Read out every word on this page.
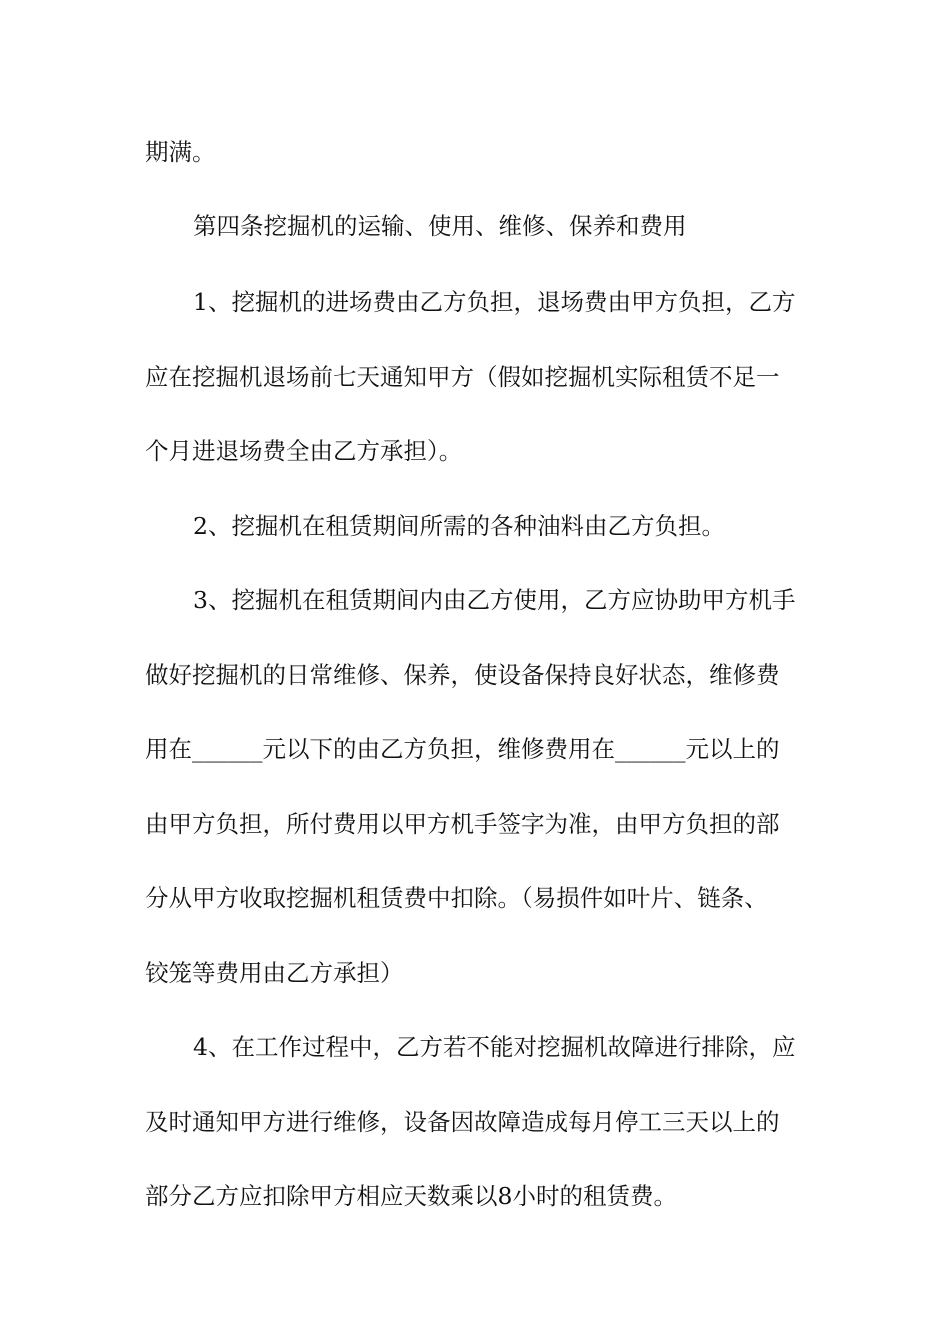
期满。
第四条挖掘机的运输、使用、维修、保养和费用
1、挖掘机的进场费由乙方负担，退场费由甲方负担，乙方
应在挖掘机退场前七天通知甲方（假如挖掘机实际租赁不足一
个月进退场费全由乙方承担）。
2、挖掘机在租赁期间所需的各种油料由乙方负担。
3、挖掘机在租赁期间内由乙方使用，乙方应协助甲方机手
做好挖掘机的日常维修、保养，使设备保持良好状态，维修费
用在______元以下的由乙方负担，维修费用在______元以上的
由甲方负担，所付费用以甲方机手签字为准，由甲方负担的部
分从甲方收取挖掘机租赁费中扣除。（易损件如叶片、链条、
铰笼等费用由乙方承担）
4、在工作过程中，乙方若不能对挖掘机故障进行排除，应
及时通知甲方进行维修，设备因故障造成每月停工三天以上的
部分乙方应扣除甲方相应天数乘以8小时的租赁费。
